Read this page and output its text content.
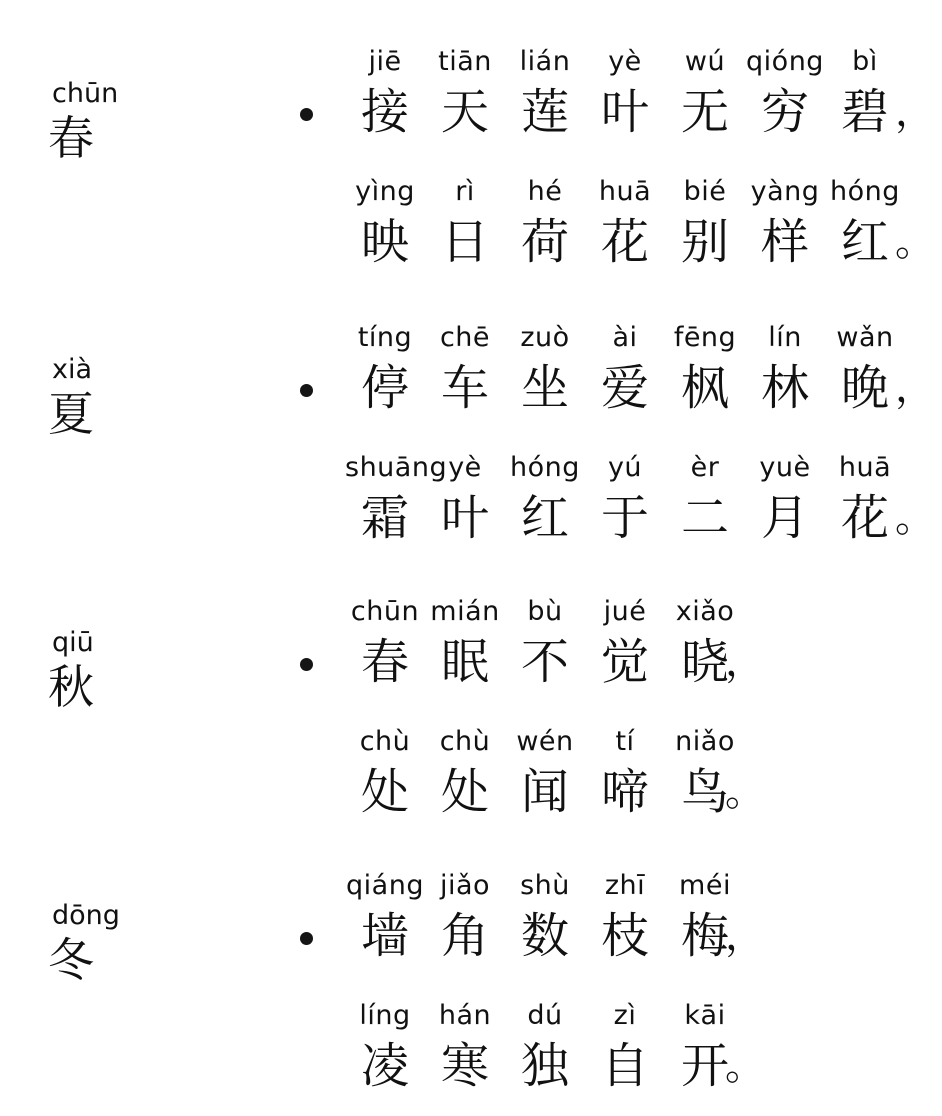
chūn
春
jiē
接
tiān
天
lián
莲
yè
叶
wú
无
qióng
穷
bì
碧 ，
yìng
映
rì
日
hé
荷
huā
花
bié
别
yàng
样
hóng
红 。
xià
夏
tíng
停
chē
车
zuò
坐
ài
爱
fēng
枫
lín
林
wǎn
晚 ，
shuāng
霜
yè
叶
hóng
红
yú
于
èr
二
yuè
月
huā
花 。
qiū
秋
chūn
春
mián
眠
bù
不
jué
觉
xiǎo
晓
，
chù
处
chù
处
wén
闻
tí
啼
niǎo
鸟
。
dōng
冬
qiáng
墙
jiǎo
角
shù
数
zhī
枝
méi
梅
，
líng
凌
hán
寒
dú
独
zì
自
kāi
开
。
